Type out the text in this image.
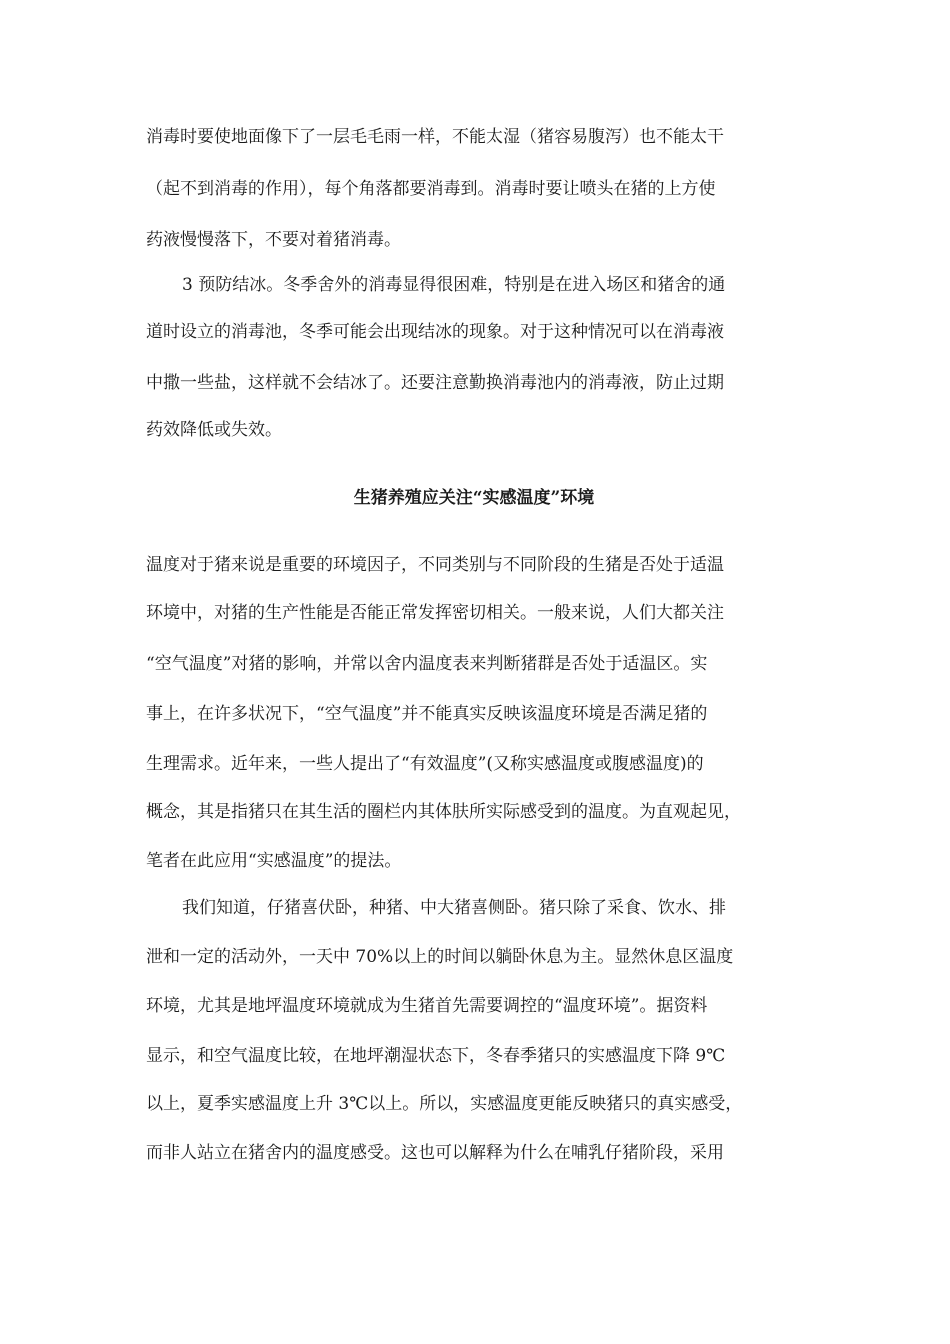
消毒时要使地面像下了一层毛毛雨一样，不能太湿（猪容易腹泻）也不能太干
（起不到消毒的作用），每个角落都要消毒到。消毒时要让喷头在猪的上方使
药液慢慢落下，不要对着猪消毒。
3 预防结冰。冬季舍外的消毒显得很困难，特别是在进入场区和猪舍的通
道时设立的消毒池，冬季可能会出现结冰的现象。对于这种情况可以在消毒液
中撒一些盐，这样就不会结冰了。还要注意勤换消毒池内的消毒液，防止过期
药效降低或失效。
生猪养殖应关注“实感温度”环境
温度对于猪来说是重要的环境因子，不同类别与不同阶段的生猪是否处于适温
环境中，对猪的生产性能是否能正常发挥密切相关。一般来说，人们大都关注
“空气温度”对猪的影响，并常以舍内温度表来判断猪群是否处于适温区。实
事上，在许多状况下，“空气温度”并不能真实反映该温度环境是否满足猪的
生理需求。近年来，一些人提出了“有效温度”(又称实感温度或腹感温度)的
概念，其是指猪只在其生活的圈栏内其体肤所实际感受到的温度。为直观起见，
笔者在此应用“实感温度”的提法。
我们知道，仔猪喜伏卧，种猪、中大猪喜侧卧。猪只除了采食、饮水、排
泄和一定的活动外，一天中 70%以上的时间以躺卧休息为主。显然休息区温度
环境，尤其是地坪温度环境就成为生猪首先需要调控的“温度环境”。据资料
显示，和空气温度比较，在地坪潮湿状态下，冬春季猪只的实感温度下降 9℃
以上，夏季实感温度上升 3℃以上。所以，实感温度更能反映猪只的真实感受，
而非人站立在猪舍内的温度感受。这也可以解释为什么在哺乳仔猪阶段，采用
